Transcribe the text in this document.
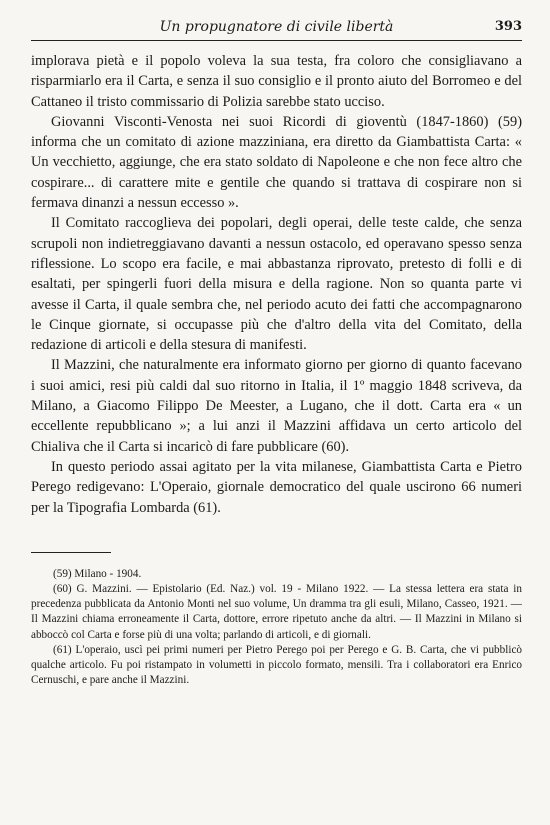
Un propugnatore di civile libertà	393

implorava pietà e il popolo voleva la sua testa, fra coloro che consigliavano a risparmiarlo era il Carta, e senza il suo consiglio e il pronto aiuto del Borromeo e del Cattaneo il tristo commissario di Polizia sarebbe stato ucciso.

Giovanni Visconti-Venosta nei suoi Ricordi di gioventù (1847-1860) (59) informa che un comitato di azione mazziniana, era diretto da Giambattista Carta: « Un vecchietto, aggiunge, che era stato soldato di Napoleone e che non fece altro che cospirare... di carattere mite e gentile che quando si trattava di cospirare non si fermava dinanzi a nessun eccesso ».

Il Comitato raccoglieva dei popolari, degli operai, delle teste calde, che senza scrupoli non indietreggiavano davanti a nessun ostacolo, ed operavano spesso senza riflessione. Lo scopo era facile, e mai abbastanza riprovato, pretesto di folli e di esaltati, per spingerli fuori della misura e della ragione. Non so quanta parte vi avesse il Carta, il quale sembra che, nel periodo acuto dei fatti che accompagnarono le Cinque giornate, si occupasse più che d'altro della vita del Comitato, della redazione di articoli e della stesura di manifesti.

Il Mazzini, che naturalmente era informato giorno per giorno di quanto facevano i suoi amici, resi più caldi dal suo ritorno in Italia, il 1º maggio 1848 scriveva, da Milano, a Giacomo Filippo De Meester, a Lugano, che il dott. Carta era « un eccellente repubblicano »; a lui anzi il Mazzini affidava un certo articolo del Chialiva che il Carta si incaricò di fare pubblicare (60).

In questo periodo assai agitato per la vita milanese, Giambattista Carta e Pietro Perego redigevano: L'Operaio, giornale democratico del quale uscirono 66 numeri per la Tipografia Lombarda (61).

(59) Milano - 1904.

(60) G. Mazzini. — Epistolario (Ed. Naz.) vol. 19 - Milano 1922. — La stessa lettera era stata in precedenza pubblicata da Antonio Monti nel suo volume, Un dramma tra gli esuli, Milano, Casseo, 1921. — Il Mazzini chiama erroneamente il Carta, dottore, errore ripetuto anche da altri. — Il Mazzini in Milano si abboccò col Carta e forse più di una volta; parlando di articoli, e di giornali.

(61) L'operaio, uscì pei primi numeri per Pietro Perego poi per Perego e G. B. Carta, che vi pubblicò qualche articolo. Fu poi ristampato in volumetti in piccolo formato, mensili. Tra i collaboratori era Enrico Cernuschi, e pare anche il Mazzini.
